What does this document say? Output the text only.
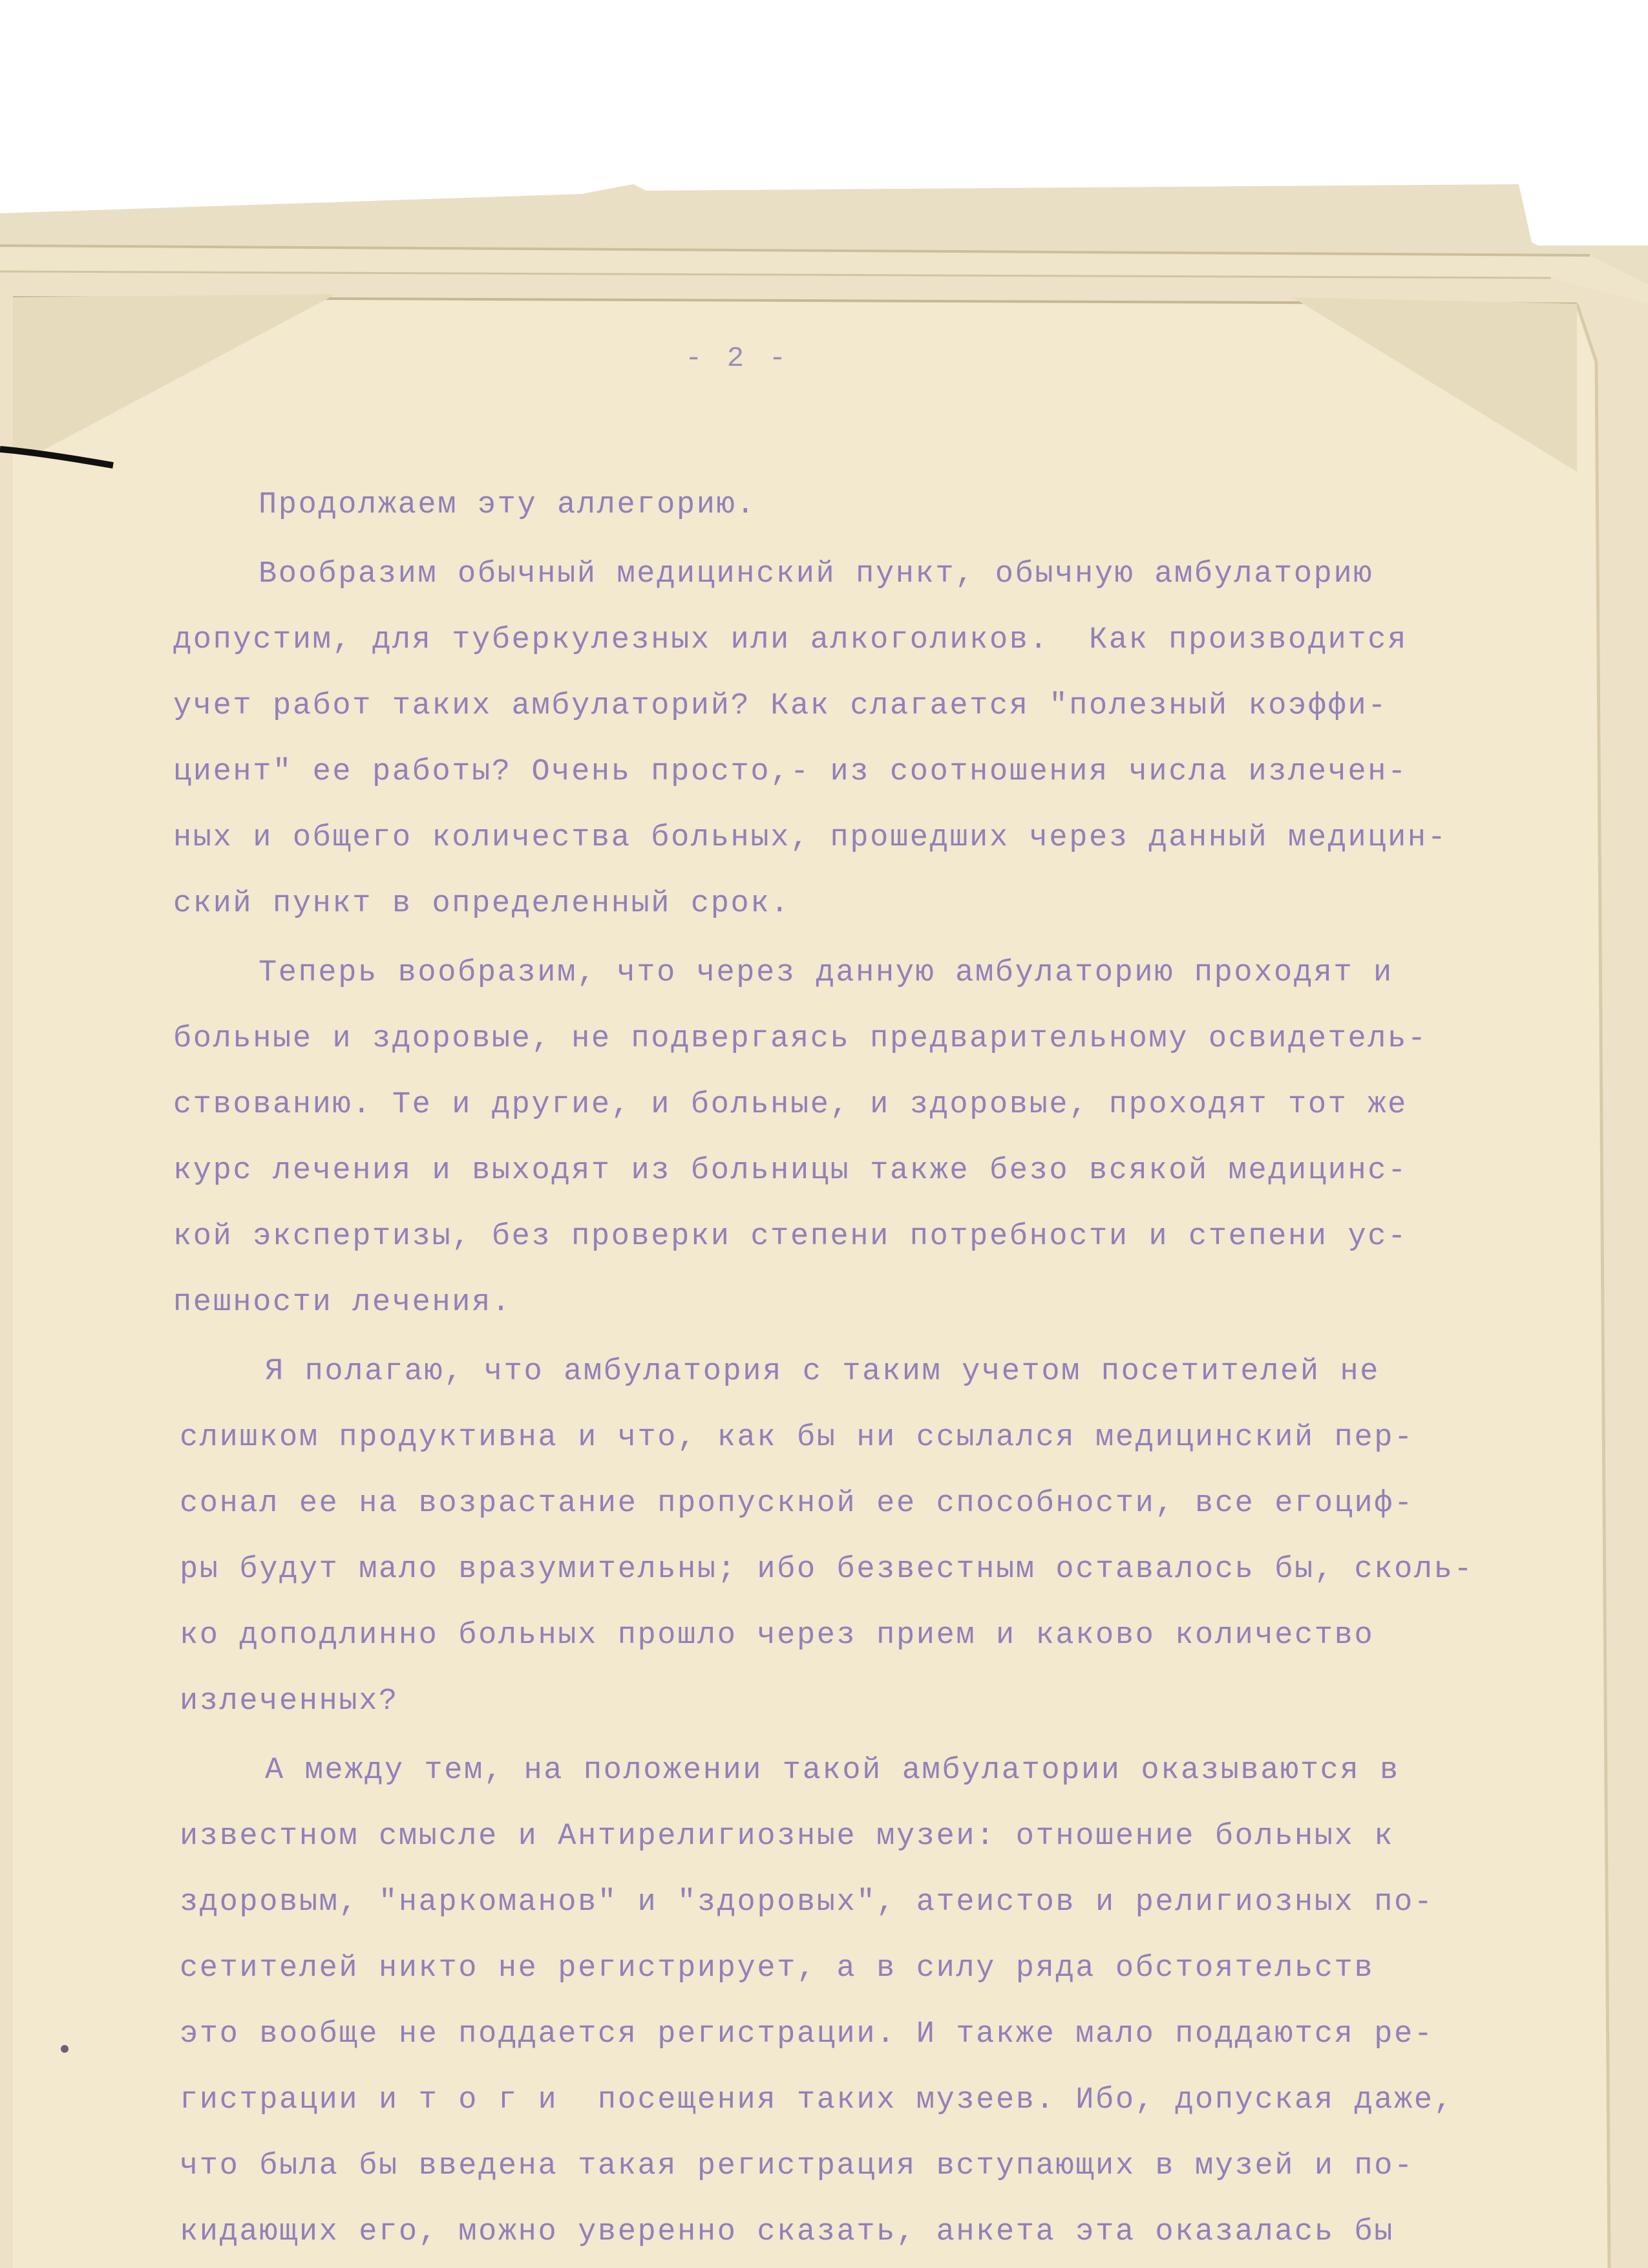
- 2 -
Продолжаем эту аллегорию.
Вообразим обычный медицинский пункт, обычную амбулаторию
допустим, для туберкулезных или алкоголиков.  Как производится
учет работ таких амбулаторий? Как слагается "полезный коэффи-
циент" ее работы? Очень просто,- из соотношения числа излечен-
ных и общего количества больных, прошедших через данный медицин-
ский пункт в определенный срок.
Теперь вообразим, что через данную амбулаторию проходят и
больные и здоровые, не подвергаясь предварительному освидетель-
ствованию. Те и другие, и больные, и здоровые, проходят тот же
курс лечения и выходят из больницы также безо всякой медицинс-
кой экспертизы, без проверки степени потребности и степени ус-
пешности лечения.
Я полагаю, что амбулатория с таким учетом посетителей не
слишком продуктивна и что, как бы ни ссылался медицинский пер-
сонал ее на возрастание пропускной ее способности, все егоциф-
ры будут мало вразумительны; ибо безвестным оставалось бы, сколь-
ко доподлинно больных прошло через прием и каково количество
излеченных?
А между тем, на положении такой амбулатории оказываются в
известном смысле и Антирелигиозные музеи: отношение больных к
здоровым, "наркоманов" и "здоровых", атеистов и религиозных по-
сетителей никто не регистрирует, а в силу ряда обстоятельств
это вообще не поддается регистрации. И также мало поддаются ре-
гистрации и т о г и  посещения таких музеев. Ибо, допуская даже,
что была бы введена такая регистрация вступающих в музей и по-
кидающих его, можно уверенно сказать, анкета эта оказалась бы
